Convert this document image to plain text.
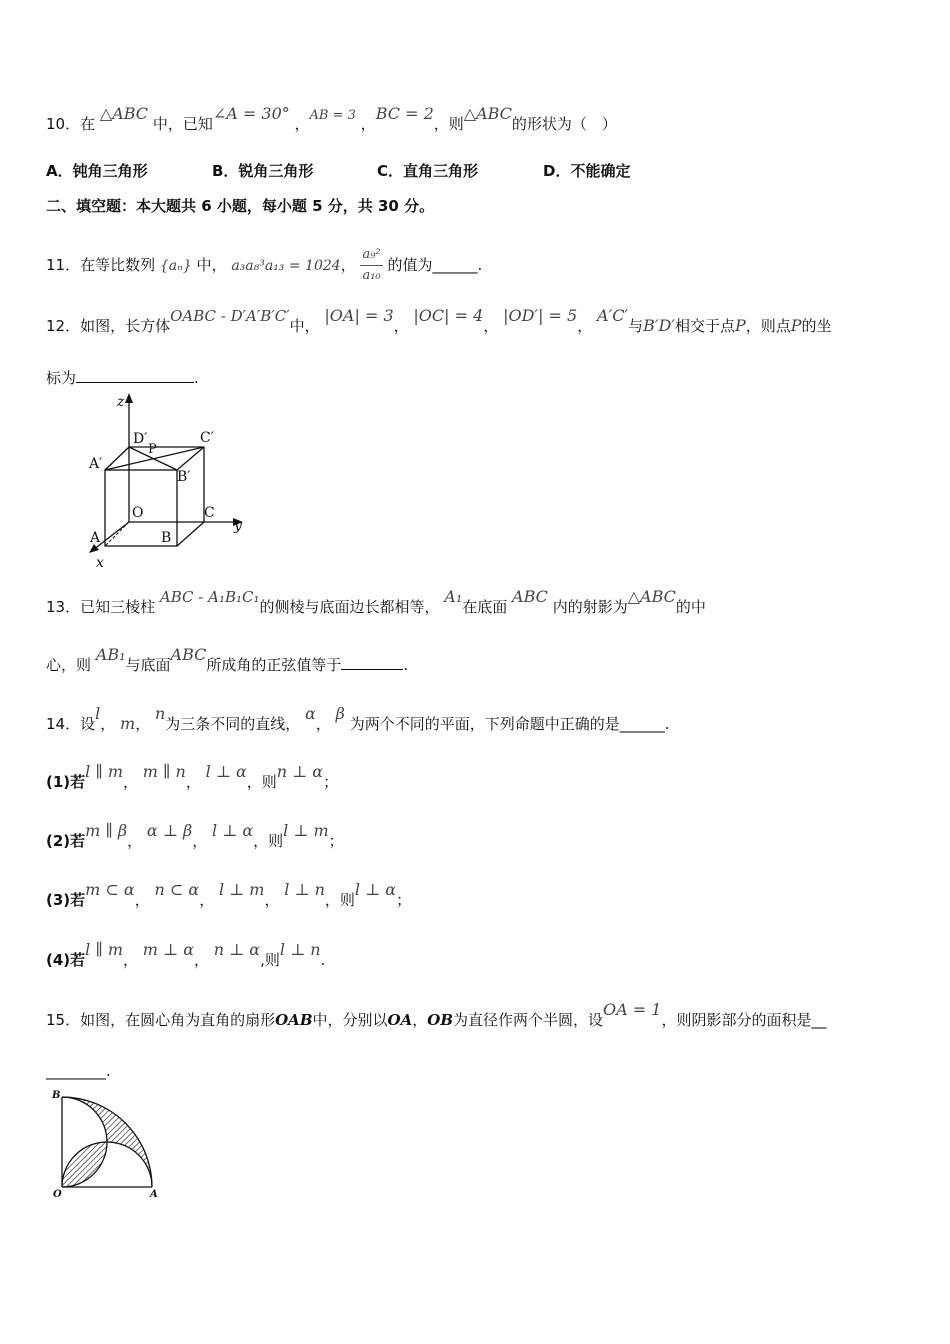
10．在 △ABC 中，已知∠A = 30° ，AB = 3 ，BC = 2，则△ABC的形状为（　）
A．钝角三角形	B．锐角三角形	C．直角三角形	D．不能确定
二、填空题：本大题共 6 小题，每小题 5 分，共 30 分。
11．在等比数列 {aₙ} 中， a₃a₈³a₁₃ = 1024， $\frac{\text{a₉²}}{\text{a₁₀}}$ 的值为______.
12．如图，长方体OABC - D′A′B′C′中， |OA| = 3， |OC| = 4， |OD′| = 5， A′C′与B′D′相交于点P，则点P的坐
标为	.
z
y
x
D′	C′
A′
B′
P
O	C
A	B
13．已知三棱柱 ABC - A₁B₁C₁的侧棱与底面边长都相等， A₁在底面 ABC 内的射影为△ABC的中
心，则 AB₁与底面ABC所成角的正弦值等于	.
14．设l， m， n为三条不同的直线， α， β 为两个不同的平面，下列命题中正确的是______.
(1)若l ∥ m， m ∥ n， l ⊥ α，则n ⊥ α；
(2)若m ∥ β， α ⊥ β， l ⊥ α，则l ⊥ m；
(3)若m ⊂ α， n ⊂ α， l ⊥ m， l ⊥ n，则l ⊥ α；
(4)若l ∥ m， m ⊥ α， n ⊥ α,则l ⊥ n.
15．如图，在圆心角为直角的扇形OAB中，分别以OA，OB为直径作两个半圆，设OA = 1，则阴影部分的面积是__
________.
B
O	A
